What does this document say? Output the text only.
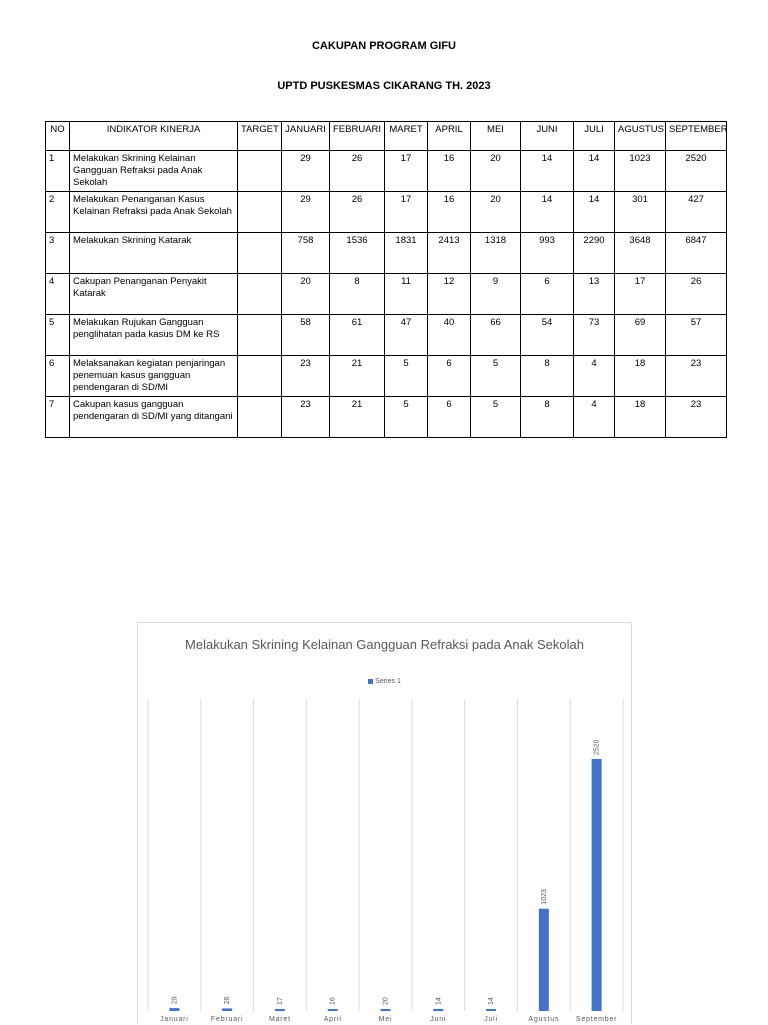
CAKUPAN PROGRAM GIFU
UPTD PUSKESMAS CIKARANG TH. 2023
NO	INDIKATOR KINERJA	TARGET	JANUARI	FEBRUARI	MARET	APRIL	MEI	JUNI	JULI	AGUSTUS	SEPTEMBER
1	Melakukan Skrining Kelainan Gangguan Refraksi pada Anak Sekolah		29	26	17	16	20	14	14	1023	2520
2	Melakukan Penanganan Kasus Kelainan Refraksi pada Anak Sekolah		29	26	17	16	20	14	14	301	427
3	Melakukan Skrining Katarak		758	1536	1831	2413	1318	993	2290	3648	6847
4	Cakupan Penanganan Penyakit Katarak		20	8	11	12	9	6	13	17	26
5	Melakukan Rujukan Gangguan penglihatan pada kasus DM ke RS		58	61	47	40	66	54	73	69	57
6	Melaksanakan kegiatan penjaringan penemuan kasus gangguan pendengaran di SD/MI		23	21	5	6	5	8	4	18	23
7	Cakupan kasus gangguan pendengaran di SD/MI yang ditangani		23	21	5	6	5	8	4	18	23
Melakukan Skrining Kelainan Gangguan Refraksi pada Anak Sekolah
Series 1
29
Januari
26
Februari
17
Maret
16
April
20
Mei
14
Juni
14
Juli
1023
Agustus
2520
September
